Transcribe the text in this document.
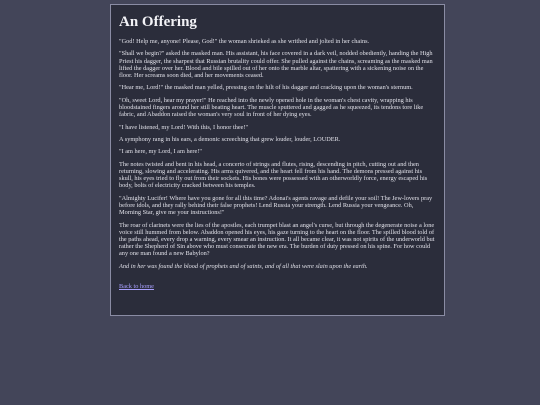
An Offering

"God! Help me, anyone! Please, God!" the woman shrieked as she writhed and jolted in her chains.

"Shall we begin?" asked the masked man. His assistant, his face covered in a dark veil, nodded obediently, handing the High Priest his dagger, the sharpest that Russian brutality could offer. She pulled against the chains, screaming as the masked man lifted the dagger over her. Blood and bile spilled out of her onto the marble altar, spattering with a sickening noise on the floor. Her screams soon died, and her movements ceased.

"Hear me, Lord!" the masked man yelled, pressing on the hilt of his dagger and cracking upon the woman's sternum.

"Oh, sweet Lord, hear my prayer!" He reached into the newly opened hole in the woman's chest cavity, wrapping his bloodstained fingers around her still beating heart. The muscle sputtered and gagged as he squeezed, its tendons tore like fabric, and Abaddon raised the woman's very soul in front of her dying eyes.

"I have listened, my Lord! With this, I honor thee!"

A symphony rang in his ears, a demonic screeching that grew louder, louder, LOUDER.

"I am here, my Lord, I am here!"

The notes twisted and bent in his head, a concerto of strings and flutes, rising, descending in pitch, cutting out and then returning, slowing and accelerating. His arms quivered, and the heart fell from his hand. The demons pressed against his skull, his eyes tried to fly out from their sockets. His bones were possessed with an otherworldly force, energy escaped his body, bolts of electricity cracked between his temples.

"Almighty Lucifer! Where have you gone for all this time? Adonai's agents ravage and defile your soil! The Jew-lovers pray before idols, and they rally behind their false prophets! Lend Russia your strength. Lend Russia your vengeance. Oh, Morning Star, give me your instructions!"

The roar of clarinets were the lies of the apostles, each trumpet blast an angel's curse, but through the degenerate noise a lone voice still hummed from below. Abaddon opened his eyes, his gaze turning to the heart on the floor. The spilled blood told of the paths ahead, every drop a warning, every smear an instruction. It all became clear, it was not spirits of the underworld but rather the Shepherd of Sin above who must consecrate the new era. The burden of duty pressed on his spine. For how could any one man found a new Babylon?

And in her was found the blood of prophets and of saints, and of all that were slain upon the earth.

Back to home
